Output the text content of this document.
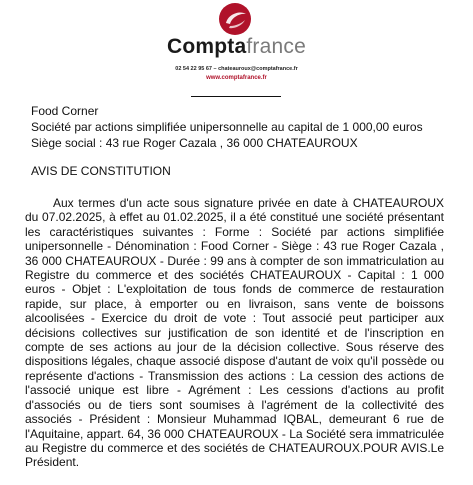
Comptafrance
02 54 22 95 67 – chateauroux@comptafrance.fr
www.comptafrance.fr
Food Corner
Société par actions simplifiée unipersonnelle au capital de 1 000,00 euros
Siège social : 43 rue Roger Cazala , 36 000 CHATEAUROUX
AVIS DE CONSTITUTION
Aux termes d'un acte sous signature privée en date à CHATEAUROUX du 07.02.2025, à effet au 01.02.2025, il a été constitué une société présentant les caractéristiques suivantes : Forme : Société par actions simplifiée unipersonnelle - Dénomination : Food Corner - Siège : 43 rue Roger Cazala , 36 000 CHATEAUROUX - Durée : 99 ans à compter de son immatriculation au Registre du commerce et des sociétés CHATEAUROUX - Capital : 1 000 euros - Objet : L'exploitation de tous fonds de commerce de restauration rapide, sur place, à emporter ou en livraison, sans vente de boissons alcoolisées - Exercice du droit de vote : Tout associé peut participer aux décisions collectives sur justification de son identité et de l'inscription en compte de ses actions au jour de la décision collective. Sous réserve des dispositions légales, chaque associé dispose d'autant de voix qu'il possède ou représente d'actions - Transmission des actions : La cession des actions de l'associé unique est libre - Agrément : Les cessions d'actions au profit d'associés ou de tiers sont soumises à l'agrément de la collectivité des associés - Président : Monsieur Muhammad IQBAL, demeurant 6 rue de l'Aquitaine, appart. 64, 36 000 CHATEAUROUX - La Société sera immatriculée au Registre du commerce et des sociétés de CHATEAUROUX.POUR AVIS.Le Président.
